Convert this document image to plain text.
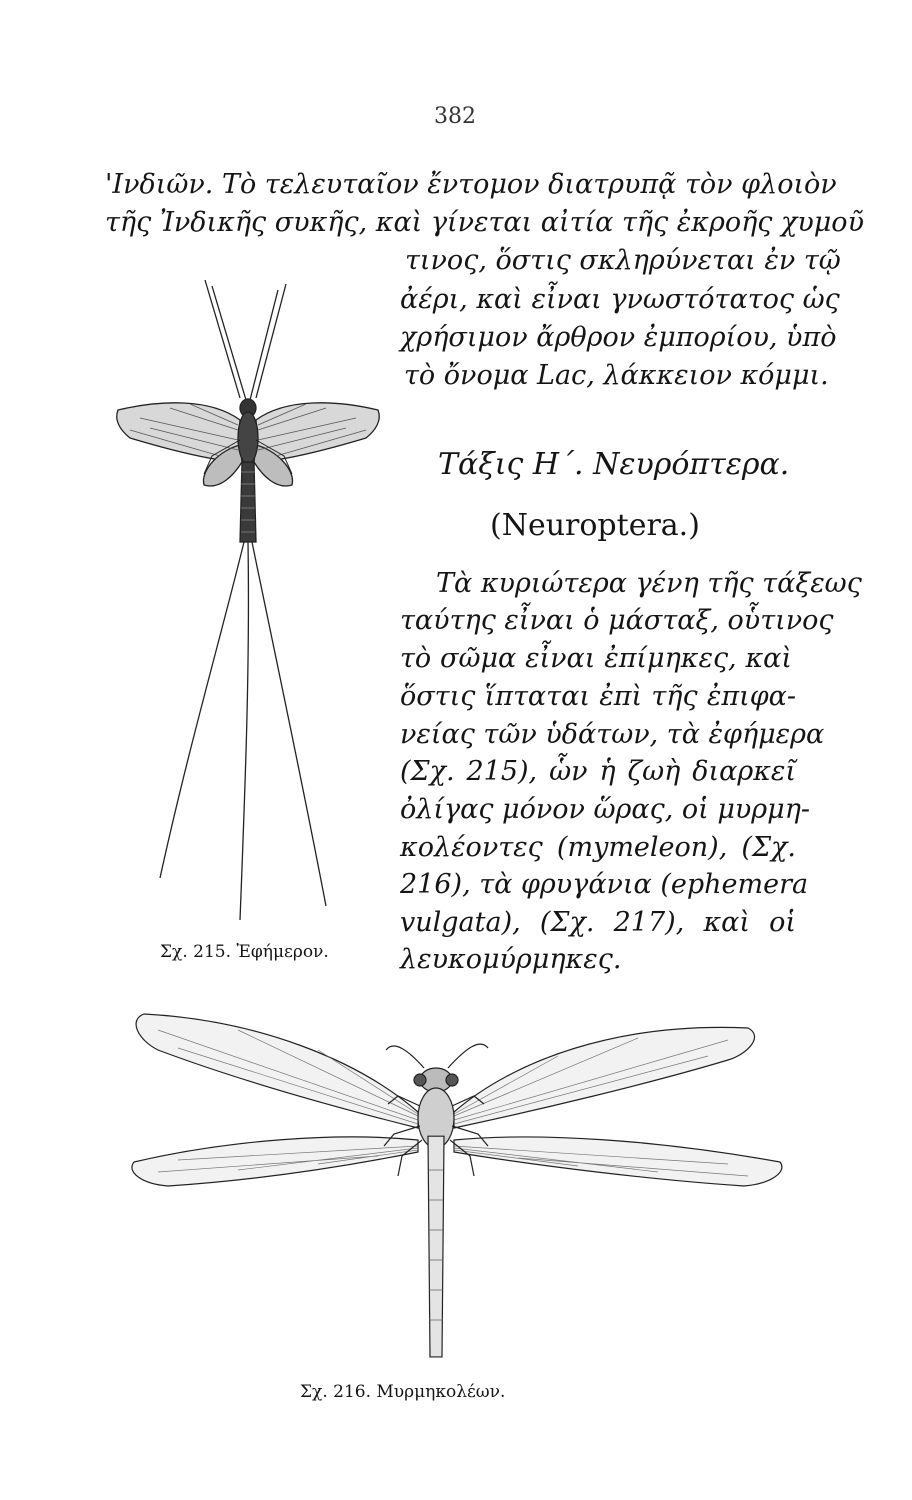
382
'Ινδιῶν. Τὸ τελευταῖον ἔντομον διατρυπᾷ τὸν φλοιὸν
τῆς Ἰνδικῆς συκῆς, καὶ γίνεται αἰτία τῆς ἐκροῆς χυμοῦ
τινος, ὅστις σκληρύνεται ἐν τῷ
ἀέρι, καὶ εἶναι γνωστότατος ὡς
χρήσιμον ἄρθρον ἐμπορίου, ὑπὸ
τὸ ὄνομα Lac, λάκκειον κόμμι.
Τάξις Η΄. Νευρόπτερα.
(Neuroptera.)
Τὰ κυριώτερα γένη τῆς τάξεως
ταύτης εἶναι ὁ μάσταξ, οὗτινος
τὸ σῶμα εἶναι ἐπίμηκες, καὶ
ὅστις ἵπταται ἐπὶ τῆς ἐπιφα-
νείας τῶν ὑδάτων, τὰ ἐφήμερα
(Σχ. 215), ὧν ἡ ζωὴ διαρκεῖ
ὀλίγας μόνον ὥρας, οἱ μυρμη-
κολέοντες (mymeleon), (Σχ.
216), τὰ φρυγάνια (ephemera
vulgata), (Σχ. 217), καὶ οἱ
λευκομύρμηκες.
Σχ. 215. Ἐφήμερον.
Σχ. 216. Μυρμηκολέων.
